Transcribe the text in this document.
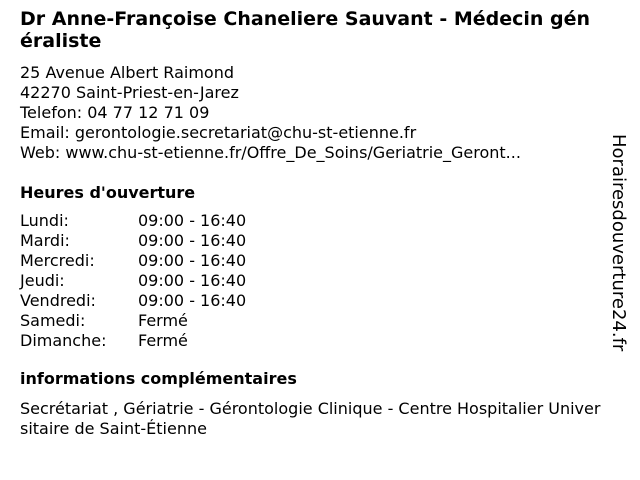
Dr Anne-Françoise Chaneliere Sauvant - Médecin généraliste
25 Avenue Albert Raimond
42270 Saint-Priest-en-Jarez
Telefon: 04 77 12 71 09
Email: gerontologie.secretariat@chu-st-etienne.fr
Web: www.chu-st-etienne.fr/Offre_De_Soins/Geriatrie_Geront...
Heures d'ouverture
Lundi:	09:00 - 16:40
Mardi:	09:00 - 16:40
Mercredi:	09:00 - 16:40
Jeudi:	09:00 - 16:40
Vendredi:	09:00 - 16:40
Samedi:	Fermé
Dimanche:	Fermé
informations complémentaires
Secrétariat , Gériatrie - Gérontologie Clinique - Centre Hospitalier Universitaire de Saint-Étienne
Horairesdouverture24.fr
